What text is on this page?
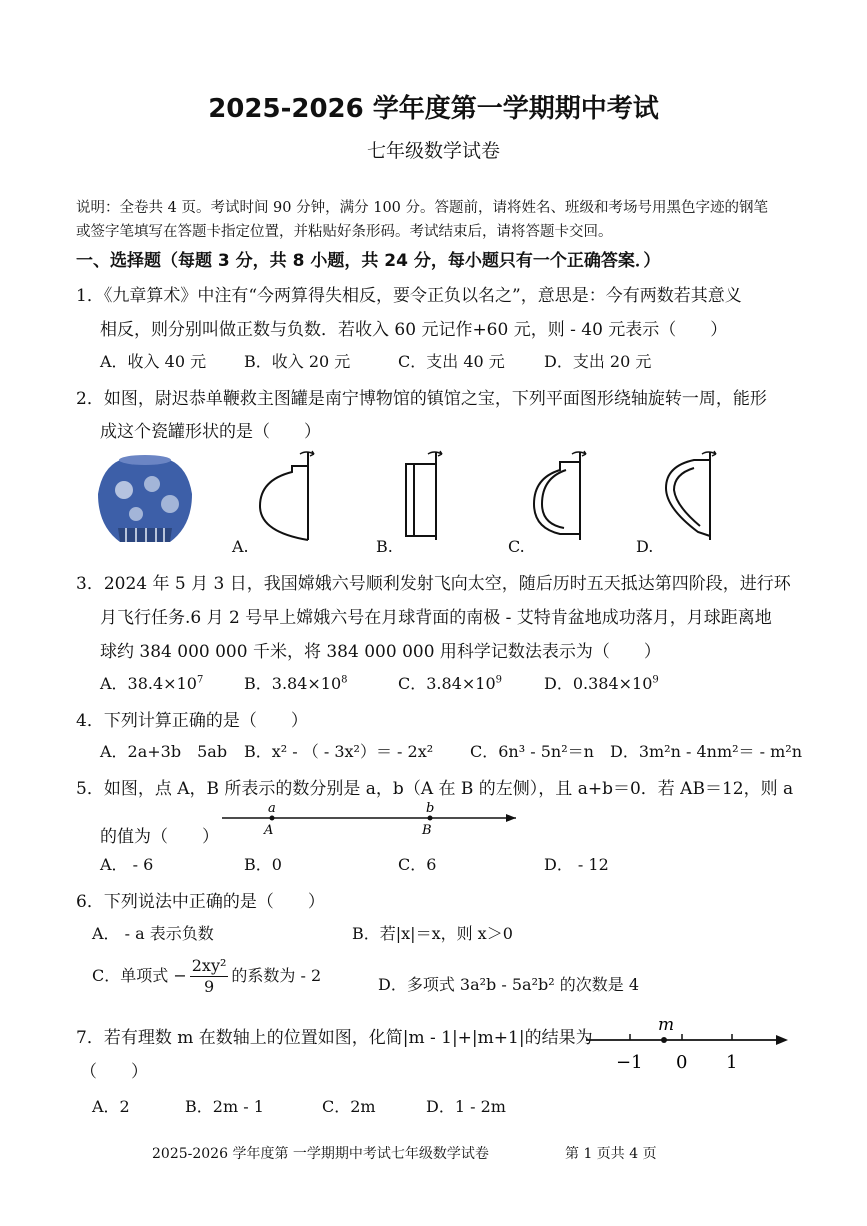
2025-2026 学年度第一学期期中考试
七年级数学试卷
说明：全卷共 4 页。考试时间 90 分钟，满分 100 分。答题前，请将姓名、班级和考场号用黑色字迹的钢笔
或签字笔填写在答题卡指定位置，并粘贴好条形码。考试结束后，请将答题卡交回。
一、选择题（每题 3 分，共 8 小题，共 24 分，每小题只有一个正确答案．）
1．《九章算术》中注有“今两算得失相反，要令正负以名之”，意思是：今有两数若其意义
相反，则分别叫做正数与负数．若收入 60 元记作+60 元，则 - 40 元表示（　　）
A．收入 40 元 B．收入 20 元	C．支出 40 元 D．支出 20 元
2．如图，尉迟恭单鞭救主图罐是南宁博物馆的镇馆之宝，下列平面图形绕轴旋转一周，能形
成这个瓷罐形状的是（　　）
A.	B.	C.	D.
3．2024 年 5 月 3 日，我国嫦娥六号顺利发射飞向太空，随后历时五天抵达第四阶段，进行环
月飞行任务.6 月 2 号早上嫦娥六号在月球背面的南极 - 艾特肯盆地成功落月，月球距离地
球约 384 000 000 千米，将 384 000 000 用科学记数法表示为（　　）
A．$38.4\times 10^7$	B．$3.84\times 10^8$	C．$3.84\times 10^9$	D．$0.384\times 10^9$
4．下列计算正确的是（　　）
A．2a+3b　5ab B．x² - （ - 3x²）＝ - 2x² C．6n³ - 5n²＝n D．3m²n - 4nm²＝ - m²n
5．如图，点 A，B 所表示的数分别是 a，b（A 在 B 的左侧），且 a+b＝0．若 AB＝12，则 a
的值为（　　）
a
A
b
B
A． - 6	B．0	C．6	D． - 12
6．下列说法中正确的是（　　）
A． - a 表示负数	B．若|x|＝x，则 x＞0
C．单项式 − $\frac{\text{2xy²}}{9}$ 的系数为 - 2	D．多项式 3a²b - 5a²b² 的次数是 4
7．若有理数 m 在数轴上的位置如图，化简|m - 1|+|m+1|的结果为
（　　）
m
−1 0 1
A．2	B．2m - 1	C．2m	D．1 - 2m
2025-2026 学年度第 一学期期中考试七年级数学试卷	第 1 页共 4 页
